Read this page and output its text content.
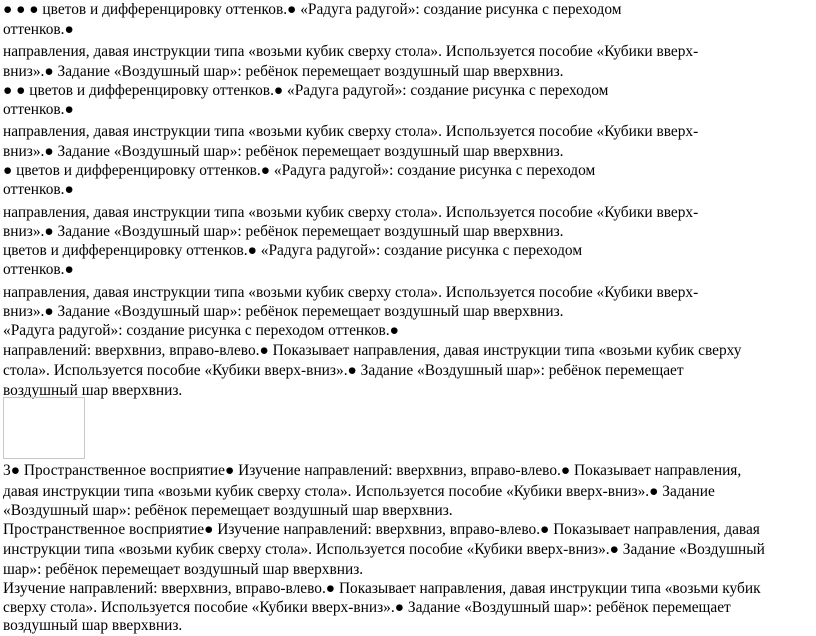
● ● ● цветов и дифференцировку оттенков.● «Радуга радугой»: создание рисунка с переходом
оттенков.●
направления, давая инструкции типа «возьми кубик сверху стола». Используется пособие «Кубики вверх-
вниз».● Задание «Воздушный шар»: ребёнок перемещает воздушный шар вверхвниз.
● ● цветов и дифференцировку оттенков.● «Радуга радугой»: создание рисунка с переходом
оттенков.●
направления, давая инструкции типа «возьми кубик сверху стола». Используется пособие «Кубики вверх-
вниз».● Задание «Воздушный шар»: ребёнок перемещает воздушный шар вверхвниз.
● цветов и дифференцировку оттенков.● «Радуга радугой»: создание рисунка с переходом
оттенков.●
направления, давая инструкции типа «возьми кубик сверху стола». Используется пособие «Кубики вверх-
вниз».● Задание «Воздушный шар»: ребёнок перемещает воздушный шар вверхвниз.
цветов и дифференцировку оттенков.● «Радуга радугой»: создание рисунка с переходом
оттенков.●
направления, давая инструкции типа «возьми кубик сверху стола». Используется пособие «Кубики вверх-
вниз».● Задание «Воздушный шар»: ребёнок перемещает воздушный шар вверхвниз.
«Радуга радугой»: создание рисунка с переходом оттенков.●
направлений: вверхвниз, вправо-влево.● Показывает направления, давая инструкции типа «возьми кубик сверху
стола». Используется пособие «Кубики вверх-вниз».● Задание «Воздушный шар»: ребёнок перемещает
воздушный шар вверхвниз.
3● Пространственное восприятие● Изучение направлений: вверхвниз, вправо-влево.● Показывает направления,
давая инструкции типа «возьми кубик сверху стола». Используется пособие «Кубики вверх-вниз».● Задание
«Воздушный шар»: ребёнок перемещает воздушный шар вверхвниз.
Пространственное восприятие● Изучение направлений: вверхвниз, вправо-влево.● Показывает направления, давая
инструкции типа «возьми кубик сверху стола». Используется пособие «Кубики вверх-вниз».● Задание «Воздушный
шар»: ребёнок перемещает воздушный шар вверхвниз.
Изучение направлений: вверхвниз, вправо-влево.● Показывает направления, давая инструкции типа «возьми кубик
сверху стола». Используется пособие «Кубики вверх-вниз».● Задание «Воздушный шар»: ребёнок перемещает
воздушный шар вверхвниз.
